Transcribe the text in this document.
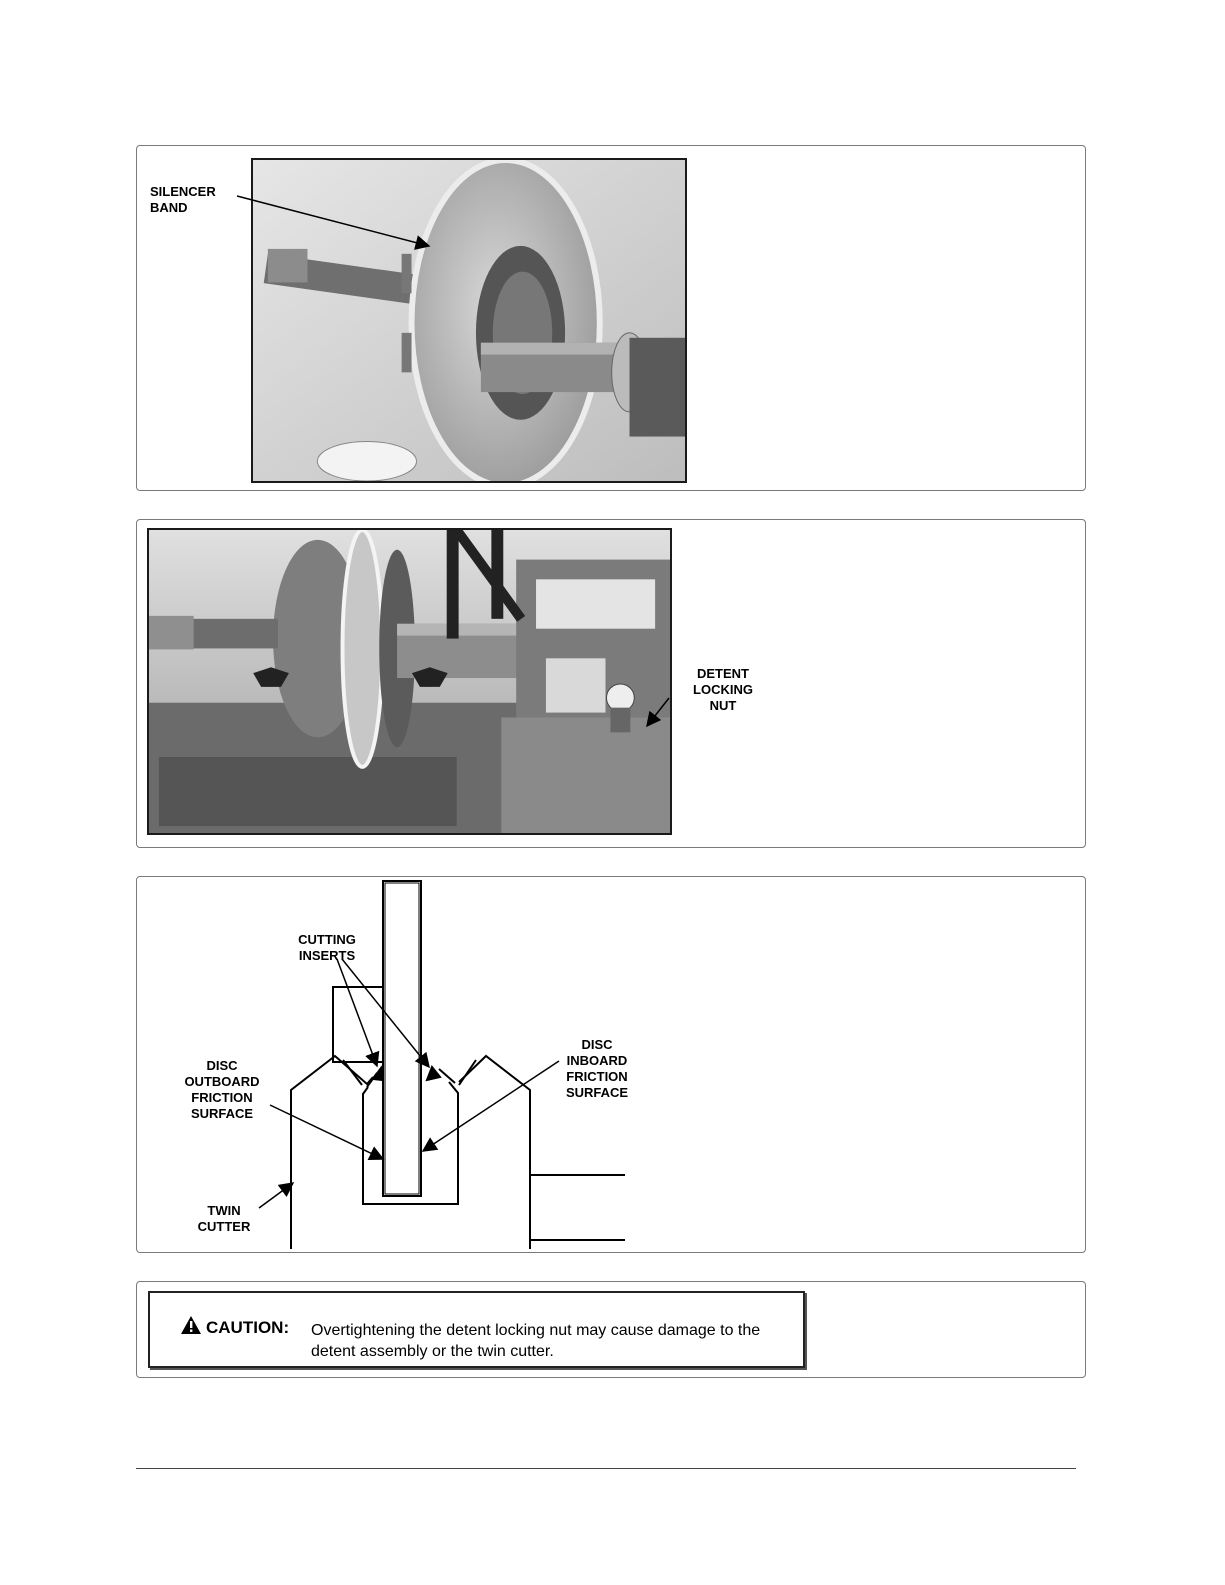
SILENCER
BAND
DETENT
LOCKING
NUT
CUTTING
INSERTS
DISC
OUTBOARD
FRICTION
SURFACE
DISC
INBOARD
FRICTION
SURFACE
TWIN
CUTTER
CAUTION: Overtightening the detent locking nut may cause damage to the detent assembly or the twin cutter.
